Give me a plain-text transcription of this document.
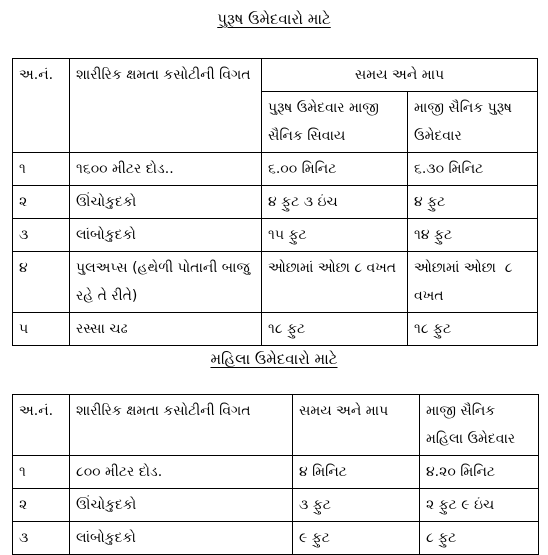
પુરૂષ ઉમેદવારો માટે
અ.નં.	શારીરિક ક્ષમતા કસોટીની વિગત	સમય અને માપ	
		પુરૂષ ઉમેદવાર માજી સૈનિક સિવાય	માજી સૈનિક પુરૂષ ઉમેદવાર

૧	૧૬૦૦ મીટર દોડ..	૬.૦૦ મિનિટ	૬.૩૦ મિનિટ
૨	ઊંચોકુદકો	૪ ફુટ ૩ ઇંચ	૪ ફુટ
૩	લાંબોકુદકો	૧૫ ફુટ	૧૪ ફુટ
૪	પુલઅપ્સ (હથેળી પોતાની બાજુ રહે તે રીતે)	ઓછામાં ઓછા ૮ વખત	ઓછામાં ઓછા  ૮ વખત
૫	રસ્સા ચઢ	૧૮ ફુટ	૧૮ ફુટ
મહિલા ઉમેદવારો માટે
અ.નં.	શારીરિક ક્ષમતા કસોટીની વિગત	સમય અને માપ	માજી સૈનિક મહિલા ઉમેદવાર
૧	૮૦૦ મીટર દોડ.	૪ મિનિટ	૪.૨૦ મિનિટ
૨	ઊંચોકુદકો	૩ ફુટ	૨ ફુટ ૯ ઇંચ
૩	લાંબોકુદકો	૯ ફુટ	૮ ફુટ
